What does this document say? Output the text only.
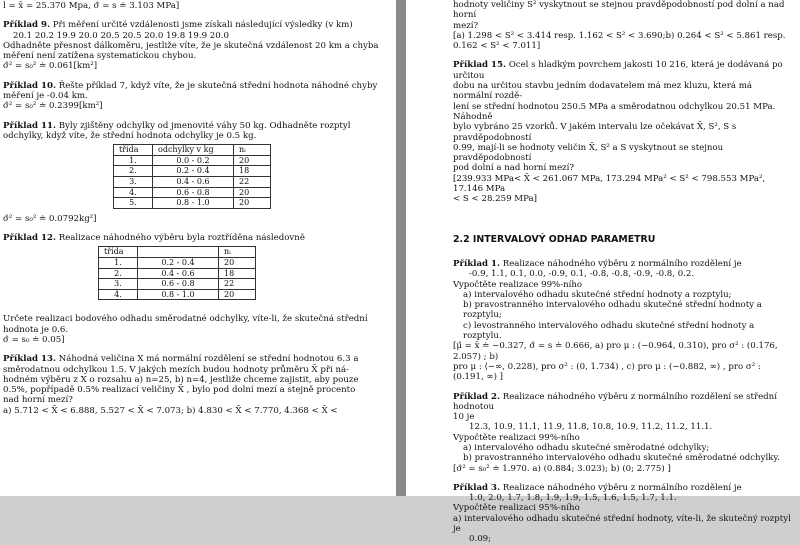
l = x̄ = 25.370 Mpa, σ̂ = s ≐ 3.103 MPa]

Příklad 9. Při měření určité vzdálenosti jsme získali následující výsledky (v km)

20.1 20.2 19.9 20.0 20.5 20.5 20.0 19.8 19.9 20.0

Odhadněte přesnost dálkoměru, jestliže víte, že je skutečná vzdálenost 20 km a chyba

měření není zatížena systematickou chybou.

σ̂² = s₀² ≐ 0.061[km²]

Příklad 10. Řešte příklad 7, když víte, že je skutečná střední hodnota náhodné chyby

měření je -0.04 km.

σ̂² = s₀² ≐ 0.2399[km²]

Příklad 11. Byly zjištěny odchylky od jmenovité váhy 50 kg. Odhadněte rozptyl

odchylky, když víte, že střední hodnota odchylky je 0.5 kg.

třída	odchylky v kg	nᵢ
1.	0.0 - 0.2	20
2.	0.2 - 0.4	18
3.	0.4 - 0.6	22
4.	0.6 - 0.8	20
5.	0.8 - 1.0	20

σ̂² = s₀² ≐ 0.0792kg²]

Příklad 12. Realizace náhodného výběru byla roztříděna následovně

třída		nᵢ
1.	0.2 - 0.4	20
2.	0.4 - 0.6	18
3.	0.6 - 0.8	22
4.	0.8 - 1.0	20

Určete realizaci bodového odhadu směrodatné odchylky, víte-li, že skutečná střední

hodnota je 0.6.

σ̂ = s₀ ≐ 0.05]

Příklad 13. Náhodná veličina X má normální rozdělení se střední hodnotou 6.3 a

směrodatnou odchylkou 1.5. V jakých mezích budou hodnoty průměru X̄ při ná-

hodném výběru z X o rozsahu a) n=25, b) n=4, jestliže chceme zajistit, aby pouze

0.5%, popřípadě 0.5% realizací veličiny X̄ , bylo pod dolní mezí a stejně procento

nad horní mezí?

a) 5.712 < X̄ < 6.888, 5.527 < X̄ < 7.073; b) 4.830 < X̄ < 7.770, 4.368 < X̄ <

hodnoty veličiny S² vyskytnout se stejnou pravděpodobností pod dolní a nad horní

mezí?

[a) 1.298 < S² < 3.414 resp. 1.162 < S² < 3.690;b) 0.264 < S² < 5.861 resp.

0.162 < S² < 7.011]

Příklad 15. Ocel s hladkým povrchem jakosti 10 216, která je dodávaná po určitou

dobu na určitou stavbu jedním dodavatelem má mez kluzu, která má normální rozdě-

lení se střední hodnotou 250.5 MPa a směrodatnou odchylkou 20.51 MPa. Náhodně

bylo vybráno 25 vzorků. V jakém intervalu lze očekávat X̄, S², S s pravděpodobností

0.99, mají-li se hodnoty veličin X̄, S² a S vyskytnout se stejnou pravděpodobností

pod dolní a nad horní mezí?

[239.933 MPa< X̄ < 261.067 MPa, 173.294 MPa² < S² < 798.553 MPa², 17.146 MPa

< S < 28.259 MPa]

2.2 INTERVALOVÝ ODHAD PARAMETRU

Příklad 1. Realizace náhodného výběru z normálního rozdělení je

-0.9, 1.1, 0.1, 0.0, -0.9, 0.1, -0.8, -0.8, -0.9, -0.8, 0.2.

Vypočtěte realizace 99%-níhо

a) intervalového odhadu skutečné střední hodnoty a rozptylu;

b) pravostranného intervalového odhadu skutečné střední hodnoty a rozptylu;

c) levostranného intervalového odhadu skutečné střední hodnoty a rozptylu.

[μ̂ = x̄ ≐ −0.327, σ̂ = s ≐ 0.666, a) pro μ : (−0.964, 0.310), pro σ² : (0.176, 2.057) ; b)

pro μ : ⟨−∞, 0.228), pro σ² : (0, 1.734) , c) pro μ : (−0.882, ∞) , pro σ² : (0.191, ∞) ]

Příklad 2. Realizace náhodného výběru z normálního rozdělení se střední hodnotou

10 je

12.3, 10.9, 11.1, 11.9, 11.8, 10.8, 10.9, 11.2, 11.2, 11.1.

Vypočtěte realizaci 99%-níhо

a) intervalového odhadu skutečné směrodatné odchylky;

b) pravostranného intervalového odhadu skutečné směrodatné odchylky.

[σ̂² = s₀² ≐ 1.970. a) (0.884; 3.023); b) (0; 2.775) ]

Příklad 3. Realizace náhodného výběru z normálního rozdělení je

1.0, 2.0, 1.7, 1.8, 1.9, 1.9, 1.5, 1.6, 1.5, 1.7, 1.1.

Vypočtěte realizaci 95%-níhо

a) intervalového odhadu skutečné střední hodnoty, víte-li, že skutečný rozptyl je

0.09;
